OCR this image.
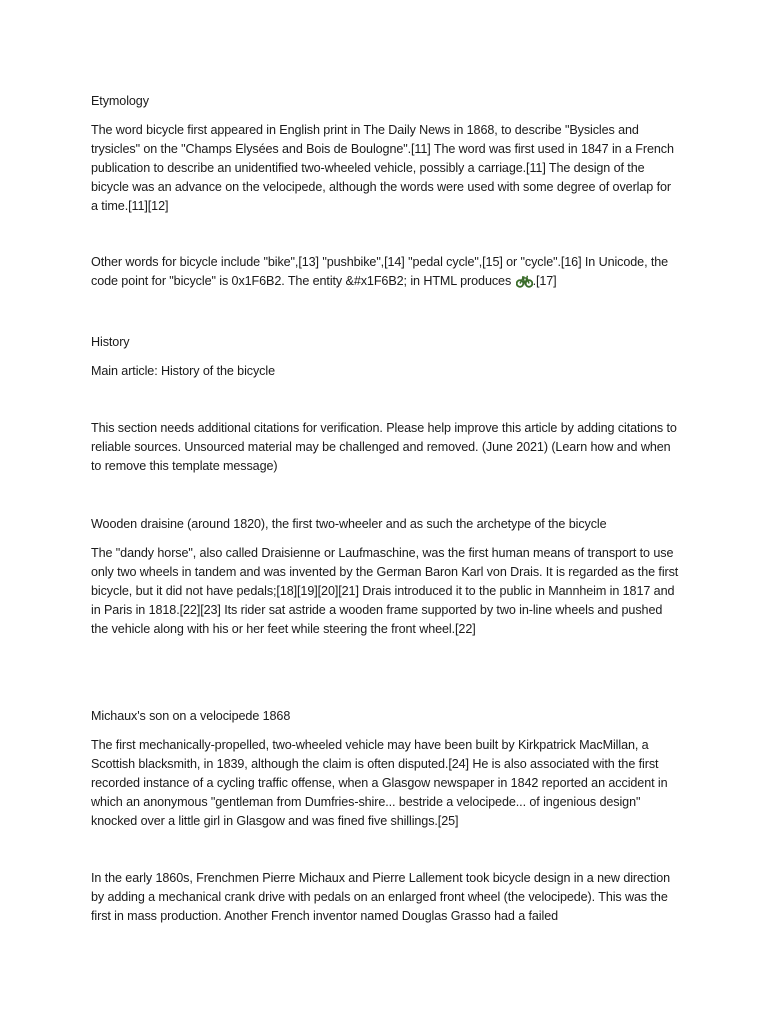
Etymology

The word bicycle first appeared in English print in The Daily News in 1868, to describe "Bysicles and trysicles" on the "Champs Elysées and Bois de Boulogne".[11] The word was first used in 1847 in a French publication to describe an unidentified two-wheeled vehicle, possibly a carriage.[11] The design of the bicycle was an advance on the velocipede, although the words were used with some degree of overlap for a time.[11][12]

Other words for bicycle include "bike",[13] "pushbike",[14] "pedal cycle",[15] or "cycle".[16] In Unicode, the code point for "bicycle" is 0x1F6B2. The entity &#x1F6B2; in HTML produces .[17]

History

Main article: History of the bicycle

This section needs additional citations for verification. Please help improve this article by adding citations to reliable sources. Unsourced material may be challenged and removed. (June 2021) (Learn how and when to remove this template message)

Wooden draisine (around 1820), the first two-wheeler and as such the archetype of the bicycle

The "dandy horse", also called Draisienne or Laufmaschine, was the first human means of transport to use only two wheels in tandem and was invented by the German Baron Karl von Drais. It is regarded as the first bicycle, but it did not have pedals;[18][19][20][21] Drais introduced it to the public in Mannheim in 1817 and in Paris in 1818.[22][23] Its rider sat astride a wooden frame supported by two in-line wheels and pushed the vehicle along with his or her feet while steering the front wheel.[22]

Michaux's son on a velocipede 1868

The first mechanically-propelled, two-wheeled vehicle may have been built by Kirkpatrick MacMillan, a Scottish blacksmith, in 1839, although the claim is often disputed.[24] He is also associated with the first recorded instance of a cycling traffic offense, when a Glasgow newspaper in 1842 reported an accident in which an anonymous "gentleman from Dumfries-shire... bestride a velocipede... of ingenious design" knocked over a little girl in Glasgow and was fined five shillings.[25]

In the early 1860s, Frenchmen Pierre Michaux and Pierre Lallement took bicycle design in a new direction by adding a mechanical crank drive with pedals on an enlarged front wheel (the velocipede). This was the first in mass production. Another French inventor named Douglas Grasso had a failed
